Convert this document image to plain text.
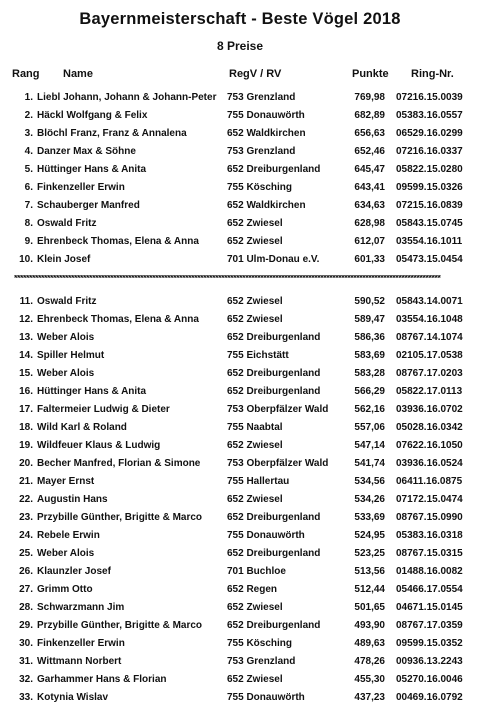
Bayernmeisterschaft - Beste Vögel 2018
8 Preise
Rang Name	RegV / RV	Punkte Ring-Nr.
1. Liebl Johann, Johann & Johann-Peter 753 Grenzland	769,98 07216.15.0039
2. Häckl Wolfgang & Felix	755 Donauwörth	682,89 05383.16.0557
3. Blöchl Franz, Franz & Annalena	652 Waldkirchen	656,63 06529.16.0299
4. Danzer Max & Söhne	753 Grenzland	652,46 07216.16.0337
5. Hüttinger Hans & Anita	652 Dreiburgenland	645,47 05822.15.0280
6. Finkenzeller Erwin	755 Kösching	643,41 09599.15.0326
7. Schauberger Manfred	652 Waldkirchen	634,63 07215.16.0839
8. Oswald Fritz	652 Zwiesel	628,98 05843.15.0745
9. Ehrenbeck Thomas, Elena & Anna	652 Zwiesel	612,07 03554.16.1011
10. Klein Josef	701 Ulm-Donau e.V.	601,33 05473.15.0454
**********************************************************************************************************************************************
11. Oswald Fritz	652 Zwiesel	590,52 05843.14.0071
12. Ehrenbeck Thomas, Elena & Anna	652 Zwiesel	589,47 03554.16.1048
13. Weber Alois	652 Dreiburgenland	586,36 08767.14.1074
14. Spiller Helmut	755 Eichstätt	583,69 02105.17.0538
15. Weber Alois	652 Dreiburgenland	583,28 08767.17.0203
16. Hüttinger Hans & Anita	652 Dreiburgenland	566,29 05822.17.0113
17. Faltermeier Ludwig & Dieter	753 Oberpfälzer Wald	562,16 03936.16.0702
18. Wild Karl & Roland	755 Naabtal	557,06 05028.16.0342
19. Wildfeuer Klaus & Ludwig	652 Zwiesel	547,14 07622.16.1050
20. Becher Manfred, Florian & Simone	753 Oberpfälzer Wald	541,74 03936.16.0524
21. Mayer Ernst	755 Hallertau	534,56 06411.16.0875
22. Augustin Hans	652 Zwiesel	534,26 07172.15.0474
23. Przybille Günther, Brigitte & Marco 652 Dreiburgenland	533,69 08767.15.0990
24. Rebele Erwin	755 Donauwörth	524,95 05383.16.0318
25. Weber Alois	652 Dreiburgenland	523,25 08767.15.0315
26. Klaunzler Josef	701 Buchloe	513,56 01488.16.0082
27. Grimm Otto	652 Regen	512,44 05466.17.0554
28. Schwarzmann Jim	652 Zwiesel	501,65 04671.15.0145
29. Przybille Günther, Brigitte & Marco 652 Dreiburgenland	493,90 08767.17.0359
30. Finkenzeller Erwin	755 Kösching	489,63 09599.15.0352
31. Wittmann Norbert	753 Grenzland	478,26 00936.13.2243
32. Garhammer Hans & Florian	652 Zwiesel	455,30 05270.16.0046
33. Kotynia Wislav	755 Donauwörth	437,23 00469.16.0792
